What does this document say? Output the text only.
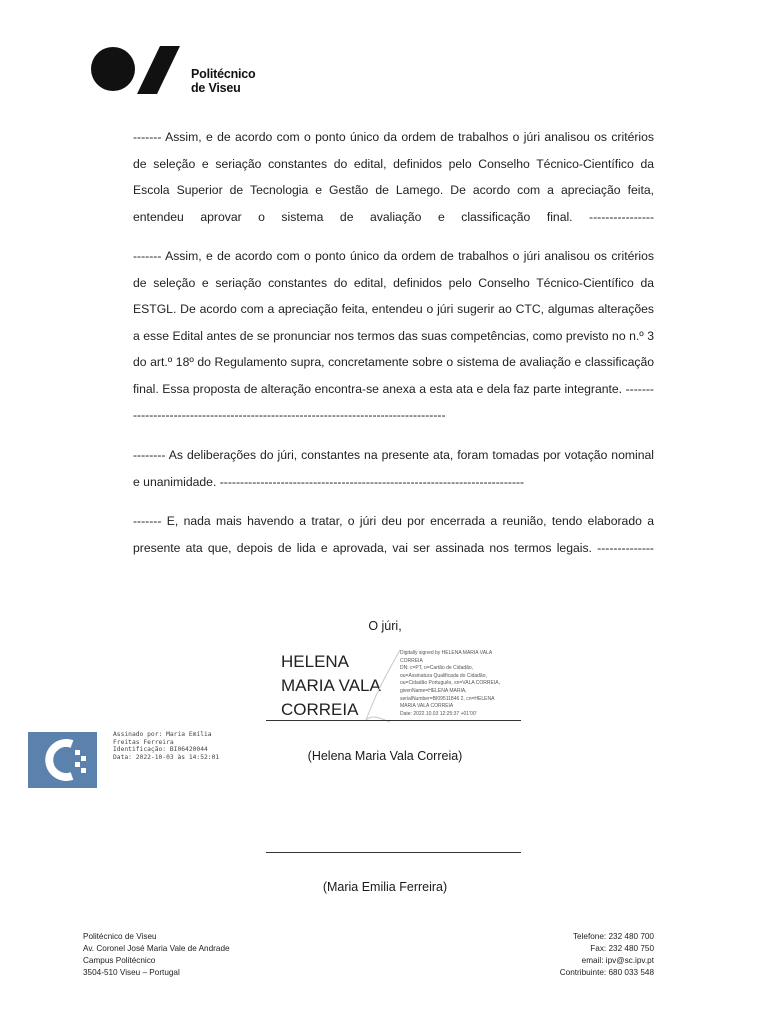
Politécnico
de Viseu

------- Assim, e de acordo com o ponto único da ordem de trabalhos o júri analisou os critérios de seleção e seriação constantes do edital, definidos pelo Conselho Técnico-Científico da Escola Superior de Tecnologia e Gestão de Lamego. De acordo com a apreciação feita, entendeu aprovar o sistema de avaliação e classificação final. ----------------

------- Assim, e de acordo com o ponto único da ordem de trabalhos o júri analisou os critérios de seleção e seriação constantes do edital, definidos pelo Conselho Técnico-Científico da ESTGL. De acordo com a apreciação feita, entendeu o júri sugerir ao CTC, algumas alterações a esse Edital antes de se pronunciar nos termos das suas competências, como previsto no n.º 3 do art.º 18º do Regulamento supra, concretamente sobre o sistema de avaliação e classificação final. Essa proposta de alteração encontra-se anexa a esta ata e dela faz parte integrante. ------------------------------------------------------------------------------------

-------- As deliberações do júri, constantes na presente ata, foram tomadas por votação nominal e unanimidade. ---------------------------------------------------------------------------

------- E, nada mais havendo a tratar, o júri deu por encerrada a reunião, tendo elaborado a presente ata que, depois de lida e aprovada, vai ser assinada nos termos legais. --------------

O júri,
HELENA
MARIA VALA
CORREIA
Digitally signed by HELENA MARIA VALA
CORREIA
DN: c=PT, o=Cartão de Cidadão,
ou=Assinatura Qualificada do Cidadão,
ou=Cidadão Português, sn=VALA CORREIA,
givenName=HELENA MARIA,
serialNumber=BI09511846 2, cn=HELENA
MARIA VALA CORREIA
Date: 2022.10.03 12:25:37 +01'00'
(Helena Maria Vala Correia)
Assinado por: Maria Emília
Freitas Ferreira
Identificação: BI06420044
Data: 2022-10-03 às 14:52:01
(Maria Emilia Ferreira)
Politécnico de Viseu
Av. Coronel José Maria Vale de Andrade
Campus Politécnico
3504-510 Viseu – Portugal
Telefone: 232 480 700
Fax: 232 480 750
email: ipv@sc.ipv.pt
Contribuinte: 680 033 548
